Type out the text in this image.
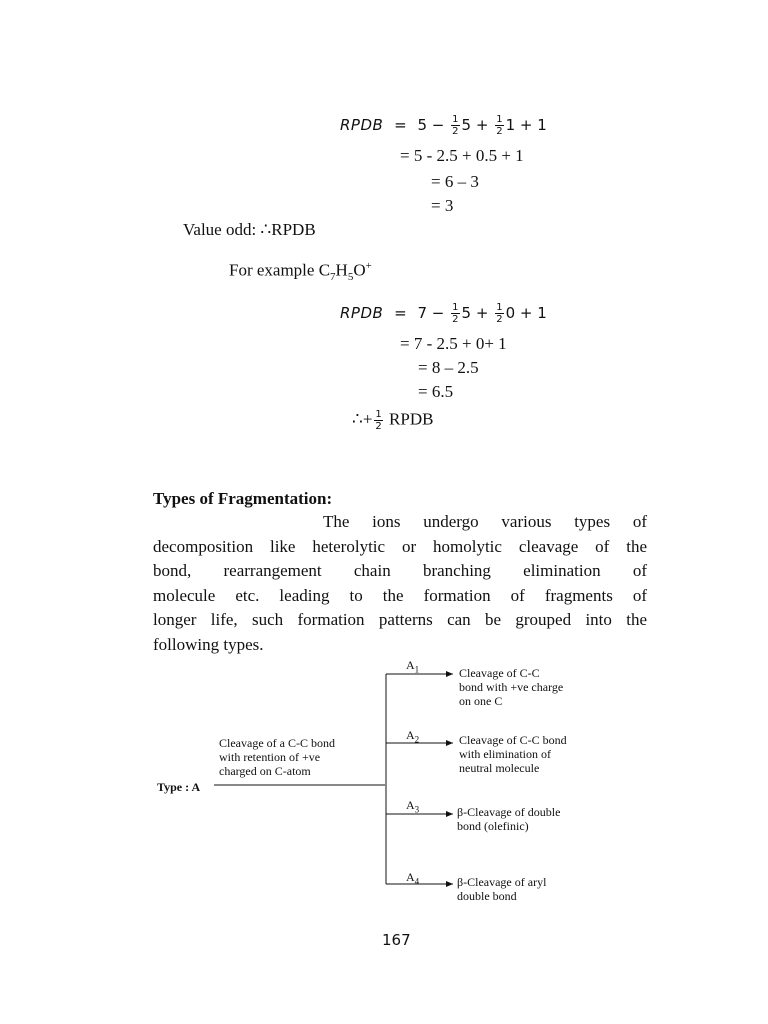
RPDB = $5 - \frac{1}{2} 5 + \frac{1}{2} 1 + 1$
= 5 - 2.5 + 0.5 + 1
= 6 – 3
= 3
Value odd: ∴RPDB
For example $C_7H_5O^+$
RPDB = $7 - \frac{1}{2} 5 + \frac{1}{2} 0 + 1$
= 7 - 2.5 + 0+ 1
= 8 – 2.5
= 6.5
∴+ $\frac{1}{2}$ RPDB
Types of Fragmentation:
The ions undergo various types of
decomposition like heterolytic or homolytic cleavage of the
bond, rearrangement chain branching elimination of
molecule etc. leading to the formation of fragments of
longer life, such formation patterns can be grouped into the
following types.
Type : A
Cleavage of a C-C bond
with retention of +ve
charged on C-atom
$A_1$
$A_2$
$A_3$
$A_4$
Cleavage of C-C
bond with +ve charge
on one C
Cleavage of C-C bond
with elimination of
neutral molecule
β-Cleavage of double
bond (olefinic)
β-Cleavage of aryl
double bond
167
